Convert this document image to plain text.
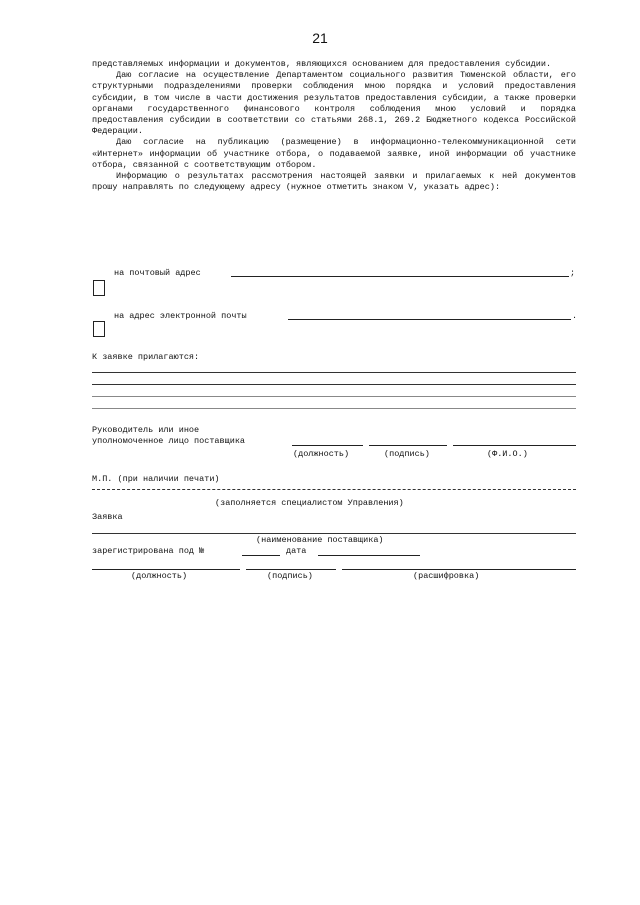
21

представляемых информации и документов, являющихся основанием для предоставления субсидии.

Даю согласие на осуществление Департаментом социального развития Тюменской области, его структурными подразделениями проверки соблюдения мною порядка и условий предоставления субсидии, в том числе в части достижения результатов предоставления субсидии, а также проверки органами государственного финансового контроля соблюдения мною условий и порядка предоставления субсидии в соответствии со статьями 268.1, 269.2 Бюджетного кодекса Российской Федерации.

Даю согласие на публикацию (размещение) в информационно-телекоммуникационной сети «Интернет» информации об участнике отбора, о подаваемой заявке, иной информации об участнике отбора, связанной с соответствующим отбором.

Информацию о результатах рассмотрения настоящей заявки и прилагаемых к ней документов прошу направлять по следующему адресу (нужное отметить знаком V, указать адрес):

на почтовый адрес	;
на адрес электронной почты	.
К заявке прилагаются:
Руководитель или иное
уполномоченное лицо поставщика
(должность)	(подпись)	(Ф.И.О.)
М.П. (при наличии печати)
(заполняется специалистом Управления)
Заявка
(наименование поставщика)
зарегистрирована под №	дата
(должность)	(подпись)	(расшифровка)
